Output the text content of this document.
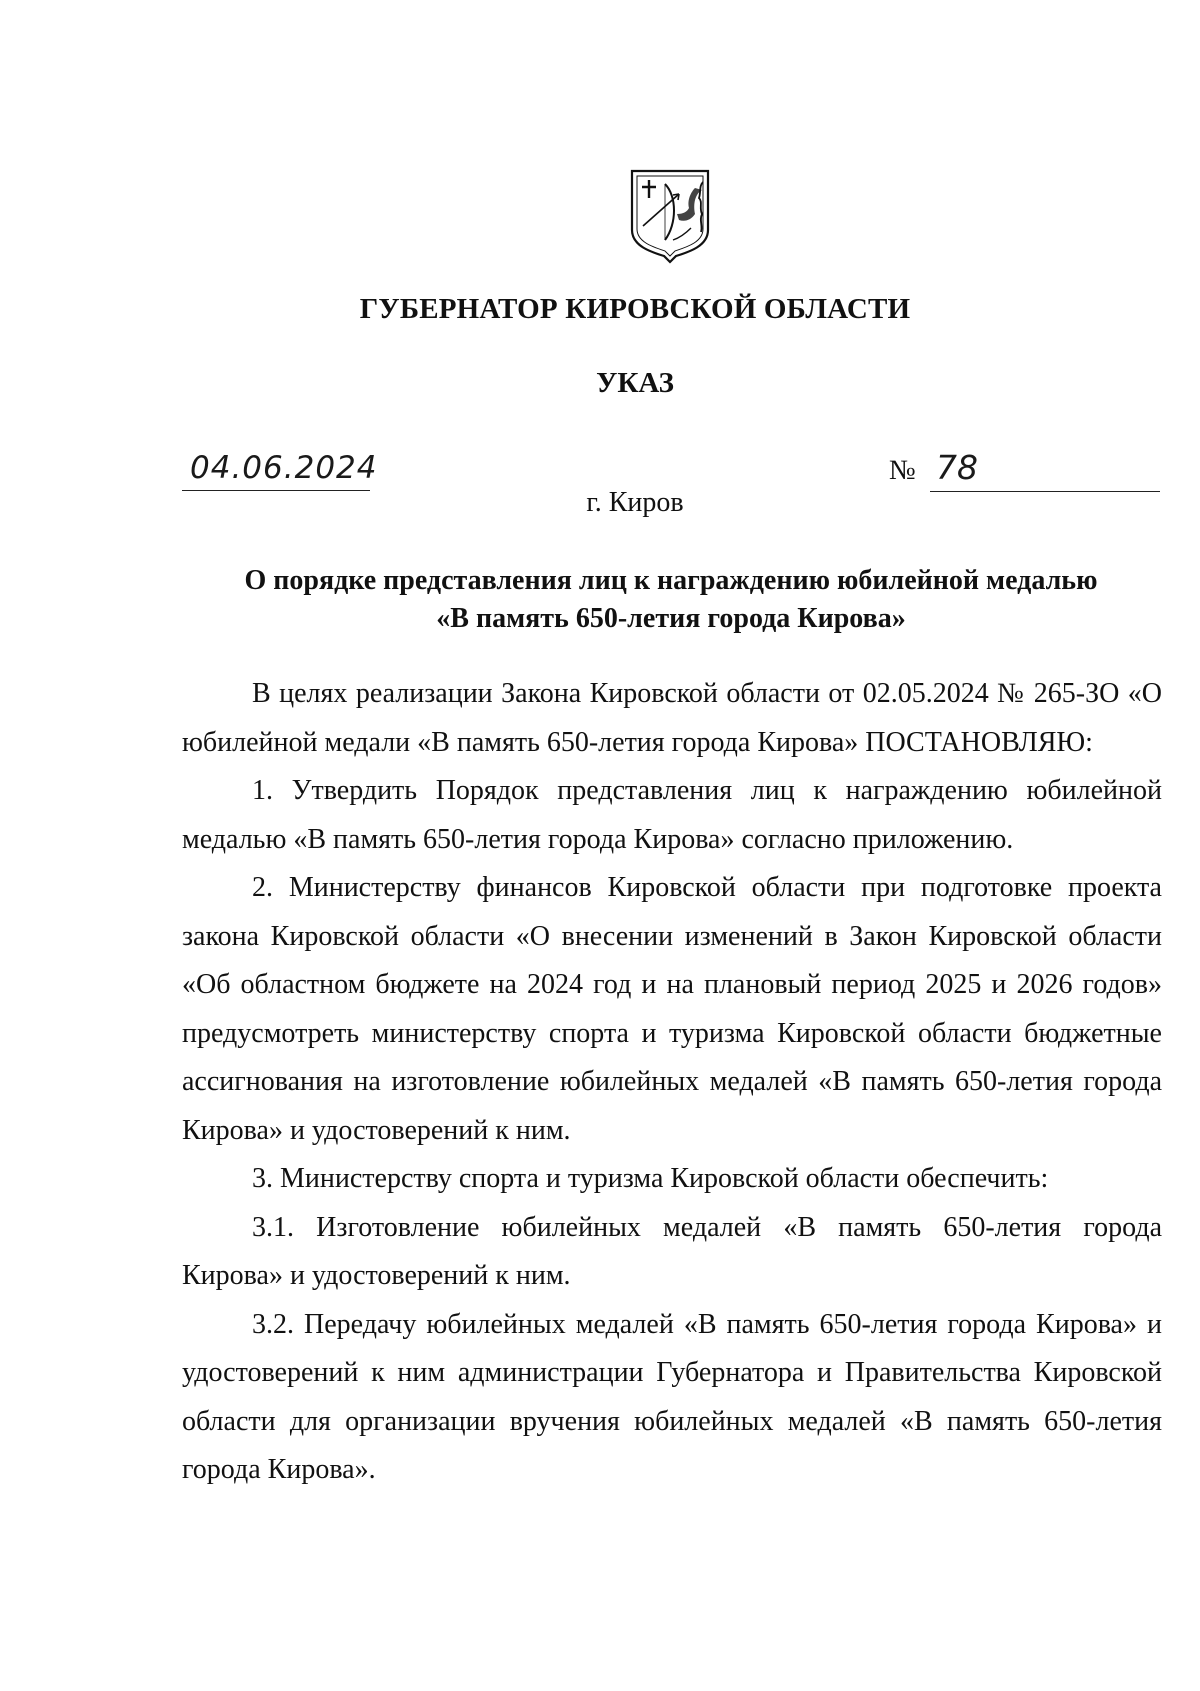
ГУБЕРНАТОР КИРОВСКОЙ ОБЛАСТИ
УКАЗ
04.06.2024	№ 78
г. Киров
О порядке представления лиц к награждению юбилейной медалью
«В память 650-летия города Кирова»

В целях реализации Закона Кировской области от 02.05.2024 № 265-ЗО «О юбилейной медали «В память 650-летия города Кирова» ПОСТАНОВЛЯЮ:

1. Утвердить Порядок представления лиц к награждению юбилейной медалью «В память 650-летия города Кирова» согласно приложению.

2. Министерству финансов Кировской области при подготовке проекта закона Кировской области «О внесении изменений в Закон Кировской области «Об областном бюджете на 2024 год и на плановый период 2025 и 2026 годов» предусмотреть министерству спорта и туризма Кировской области бюджетные ассигнования на изготовление юбилейных медалей «В память 650-летия города Кирова» и удостоверений к ним.

3. Министерству спорта и туризма Кировской области обеспечить:

3.1. Изготовление юбилейных медалей «В память 650-летия города Кирова» и удостоверений к ним.

3.2. Передачу юбилейных медалей «В память 650-летия города Кирова» и удостоверений к ним администрации Губернатора и Правительства Кировской области для организации вручения юбилейных медалей «В память 650-летия города Кирова».
